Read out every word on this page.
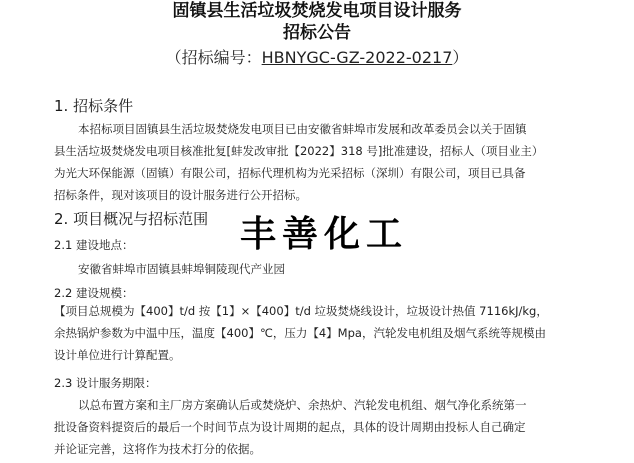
固镇县生活垃圾焚烧发电项目设计服务
招标公告
（招标编号：HBNYGC-GZ-2022-0217）
1. 招标条件
本招标项目固镇县生活垃圾焚烧发电项目已由安徽省蚌埠市发展和改革委员会以关于固镇
县生活垃圾焚烧发电项目核准批复[蚌发改审批【2022】318 号]批准建设，招标人（项目业主）
为光大环保能源（固镇）有限公司，招标代理机构为光采招标（深圳）有限公司，项目已具备
招标条件，现对该项目的设计服务进行公开招标。
2. 项目概况与招标范围
2.1 建设地点：
安徽省蚌埠市固镇县蚌埠铜陵现代产业园
2.2 建设规模：
【项目总规模为【400】t/d 按【1】×【400】t/d 垃圾焚烧线设计，垃圾设计热值 7116kJ/kg，
余热锅炉参数为中温中压，温度【400】℃，压力【4】Mpa，汽轮发电机组及烟气系统等规模由
设计单位进行计算配置。
2.3 设计服务期限：
以总布置方案和主厂房方案确认后或焚烧炉、余热炉、汽轮发电机组、烟气净化系统第一
批设备资料提资后的最后一个时间节点为设计周期的起点，具体的设计周期由投标人自己确定
并论证完善，这将作为技术打分的依据。
丰善化工
